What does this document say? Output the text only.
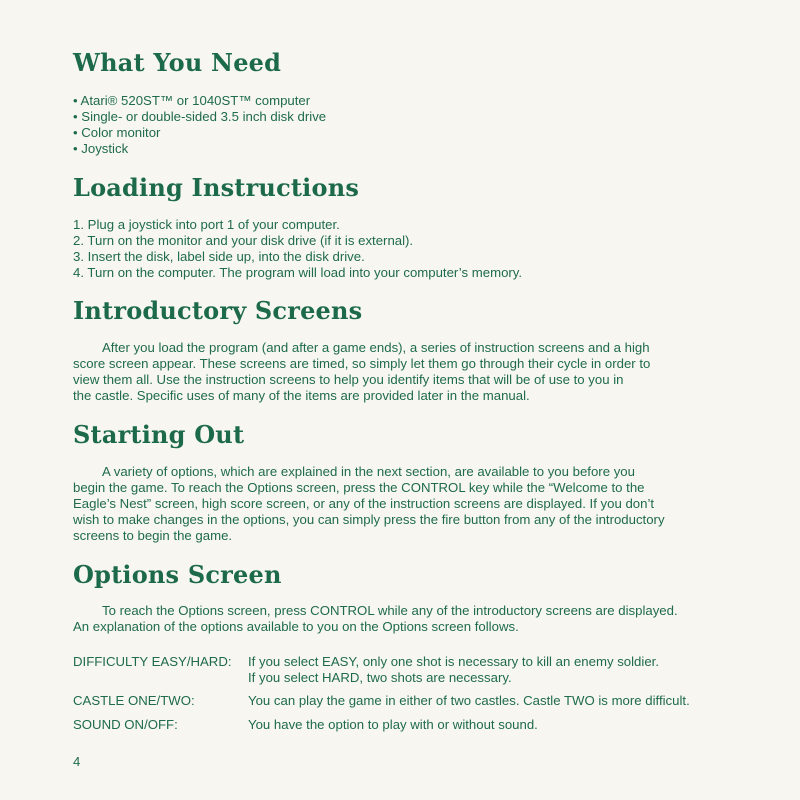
What You Need
• Atari® 520ST™ or 1040ST™ computer
• Single- or double-sided 3.5 inch disk drive
• Color monitor
• Joystick
Loading Instructions
1. Plug a joystick into port 1 of your computer.
2. Turn on the monitor and your disk drive (if it is external).
3. Insert the disk, label side up, into the disk drive.
4. Turn on the computer. The program will load into your computer’s memory.
Introductory Screens
After you load the program (and after a game ends), a series of instruction screens and a high
score screen appear. These screens are timed, so simply let them go through their cycle in order to
view them all. Use the instruction screens to help you identify items that will be of use to you in
the castle. Specific uses of many of the items are provided later in the manual.
Starting Out
A variety of options, which are explained in the next section, are available to you before you
begin the game. To reach the Options screen, press the CONTROL key while the “Welcome to the
Eagle’s Nest” screen, high score screen, or any of the instruction screens are displayed. If you don’t
wish to make changes in the options, you can simply press the fire button from any of the introductory
screens to begin the game.
Options Screen
To reach the Options screen, press CONTROL while any of the introductory screens are displayed.
An explanation of the options available to you on the Options screen follows.
DIFFICULTY EASY/HARD: If you select EASY, only one shot is necessary to kill an enemy soldier.
If you select HARD, two shots are necessary.
CASTLE ONE/TWO:	You can play the game in either of two castles. Castle TWO is more difficult.
SOUND ON/OFF:	You have the option to play with or without sound.
4
